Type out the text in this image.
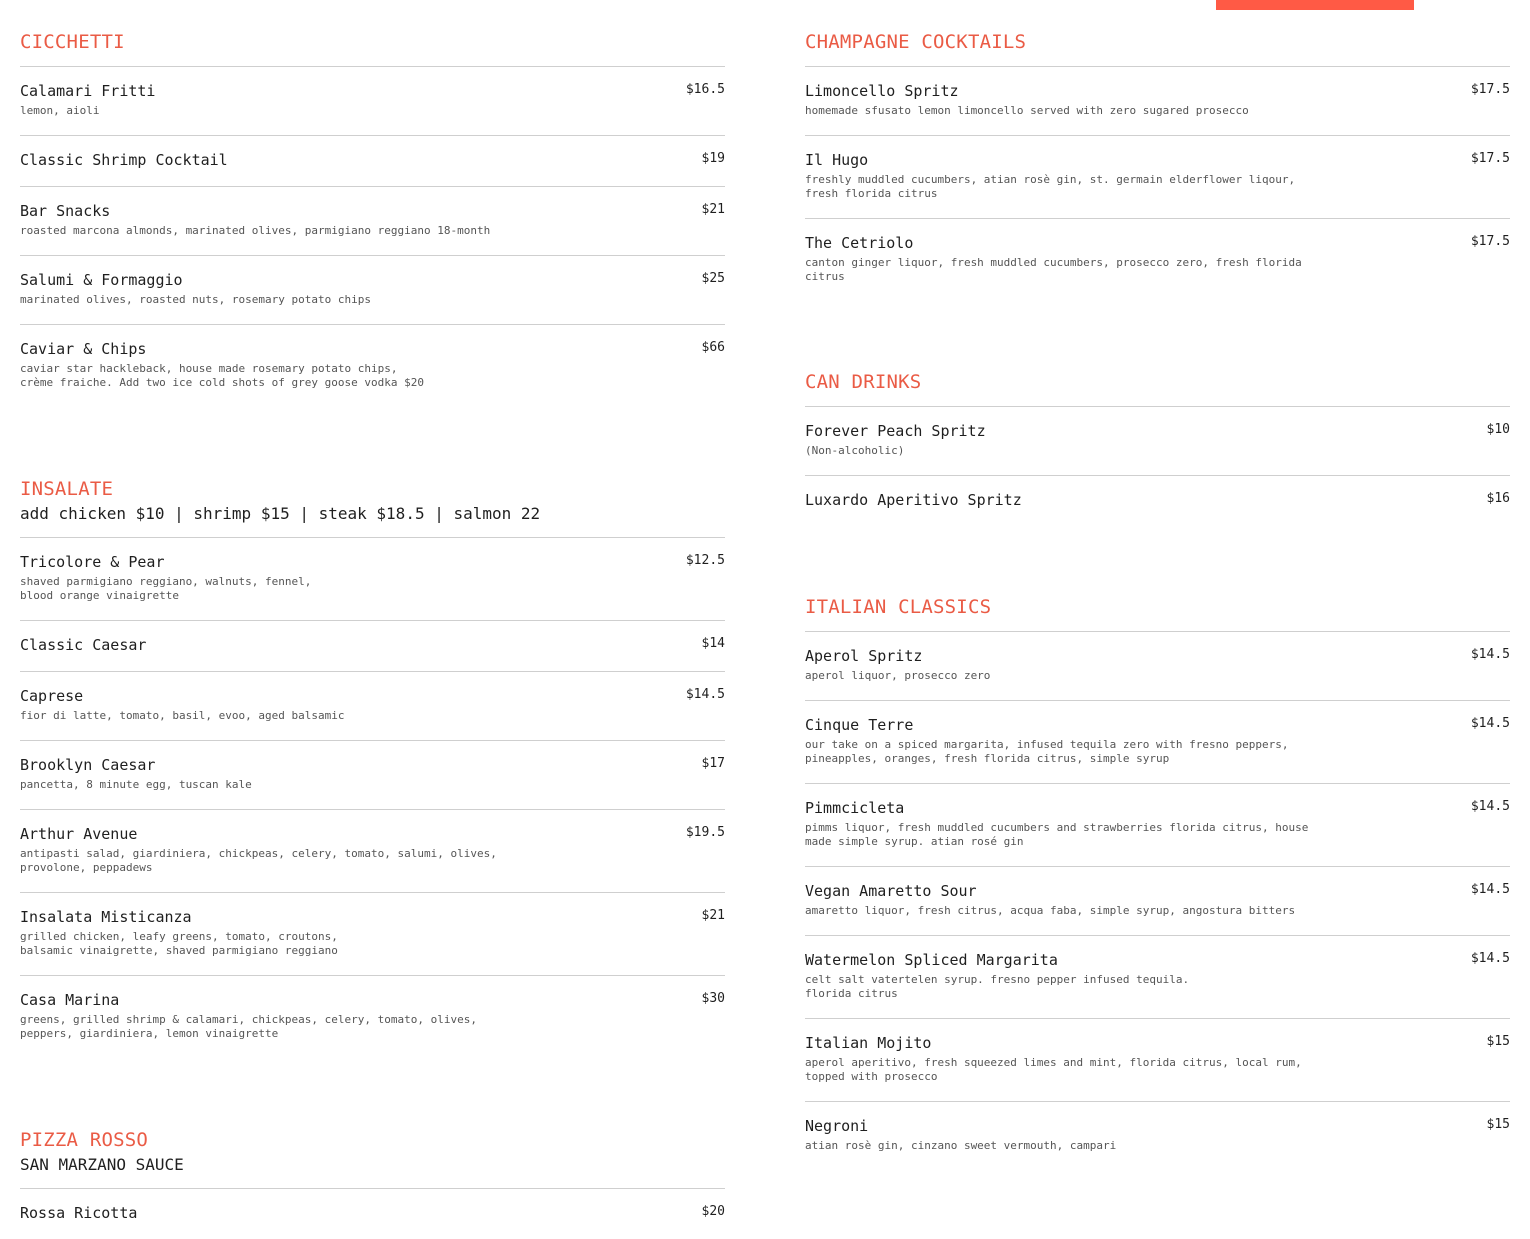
CICCHETTI
Calamari Fritti	$16.5
lemon, aioli
Classic Shrimp Cocktail	$19
Bar Snacks	$21
roasted marcona almonds, marinated olives, parmigiano reggiano 18-month
Salumi & Formaggio	$25
marinated olives, roasted nuts, rosemary potato chips
Caviar & Chips	$66
caviar star hackleback, house made rosemary potato chips,
crème fraiche. Add two ice cold shots of grey goose vodka $20
INSALATE
add chicken $10 | shrimp $15 | steak $18.5 | salmon 22
Tricolore & Pear	$12.5
shaved parmigiano reggiano, walnuts, fennel,
blood orange vinaigrette
Classic Caesar	$14
Caprese	$14.5
fior di latte, tomato, basil, evoo, aged balsamic
Brooklyn Caesar	$17
pancetta, 8 minute egg, tuscan kale
Arthur Avenue	$19.5
antipasti salad, giardiniera, chickpeas, celery, tomato, salumi, olives,
provolone, peppadews
Insalata Misticanza	$21
grilled chicken, leafy greens, tomato, croutons,
balsamic vinaigrette, shaved parmigiano reggiano
Casa Marina	$30
greens, grilled shrimp & calamari, chickpeas, celery, tomato, olives,
peppers, giardiniera, lemon vinaigrette
PIZZA ROSSO
SAN MARZANO SAUCE
Rossa Ricotta	$20
CHAMPAGNE COCKTAILS
Limoncello Spritz	$17.5
homemade sfusato lemon limoncello served with zero sugared prosecco
Il Hugo	$17.5
freshly muddled cucumbers, atian rosè gin, st. germain elderflower liqour,
fresh florida citrus
The Cetriolo	$17.5
canton ginger liquor, fresh muddled cucumbers, prosecco zero, fresh florida
citrus
CAN DRINKS
Forever Peach Spritz	$10
(Non-alcoholic)
Luxardo Aperitivo Spritz	$16
ITALIAN CLASSICS
Aperol Spritz	$14.5
aperol liquor, prosecco zero
Cinque Terre	$14.5
our take on a spiced margarita, infused tequila zero with fresno peppers,
pineapples, oranges, fresh florida citrus, simple syrup
Pimmcicleta	$14.5
pimms liquor, fresh muddled cucumbers and strawberries florida citrus, house
made simple syrup. atian rosé gin
Vegan Amaretto Sour	$14.5
amaretto liquor, fresh citrus, acqua faba, simple syrup, angostura bitters
Watermelon Spliced Margarita	$14.5
celt salt vatertelen syrup. fresno pepper infused tequila.
florida citrus
Italian Mojito	$15
aperol aperitivo, fresh squeezed limes and mint, florida citrus, local rum,
topped with prosecco
Negroni	$15
atian rosè gin, cinzano sweet vermouth, campari
